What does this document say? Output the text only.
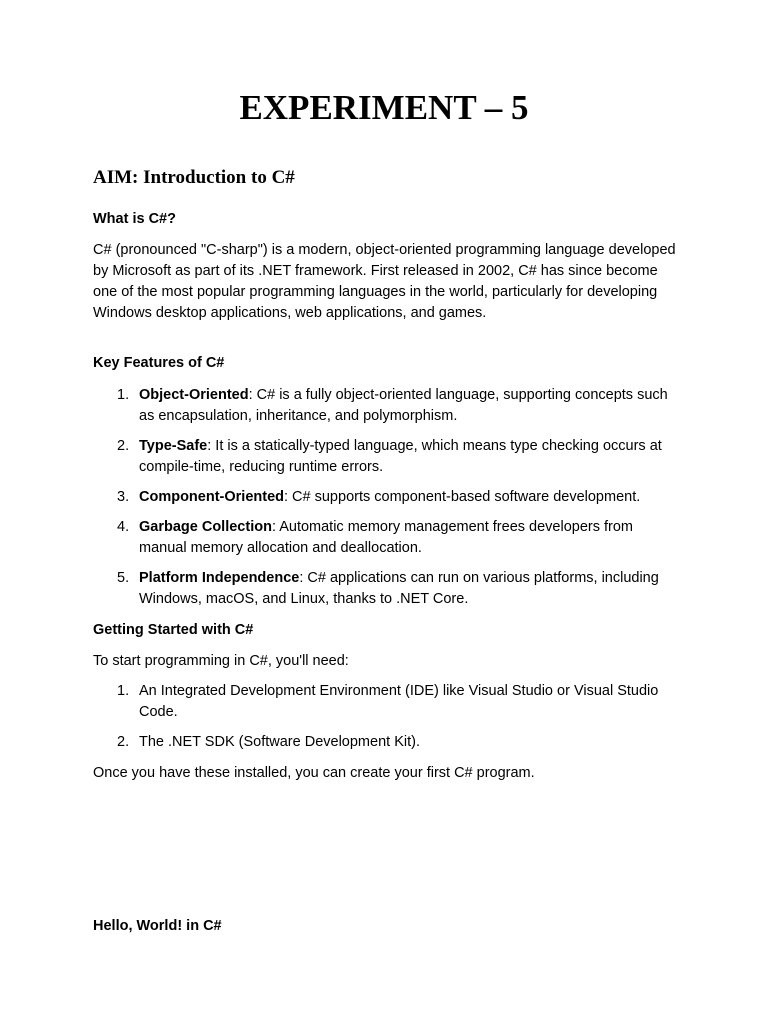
EXPERIMENT – 5
AIM: Introduction to C#
What is C#?

C# (pronounced "C-sharp") is a modern, object-oriented programming language developed by Microsoft as part of its .NET framework. First released in 2002, C# has since become one of the most popular programming languages in the world, particularly for developing Windows desktop applications, web applications, and games.

Key Features of C#
1. Object-Oriented: C# is a fully object-oriented language, supporting concepts such as encapsulation, inheritance, and polymorphism.
2. Type-Safe: It is a statically-typed language, which means type checking occurs at compile-time, reducing runtime errors.
3. Component-Oriented: C# supports component-based software development.
4. Garbage Collection: Automatic memory management frees developers from manual memory allocation and deallocation.
5. Platform Independence: C# applications can run on various platforms, including Windows, macOS, and Linux, thanks to .NET Core.
Getting Started with C#

To start programming in C#, you'll need:

1. An Integrated Development Environment (IDE) like Visual Studio or Visual Studio Code.
2. The .NET SDK (Software Development Kit).

Once you have these installed, you can create your first C# program.

Hello, World! in C#
